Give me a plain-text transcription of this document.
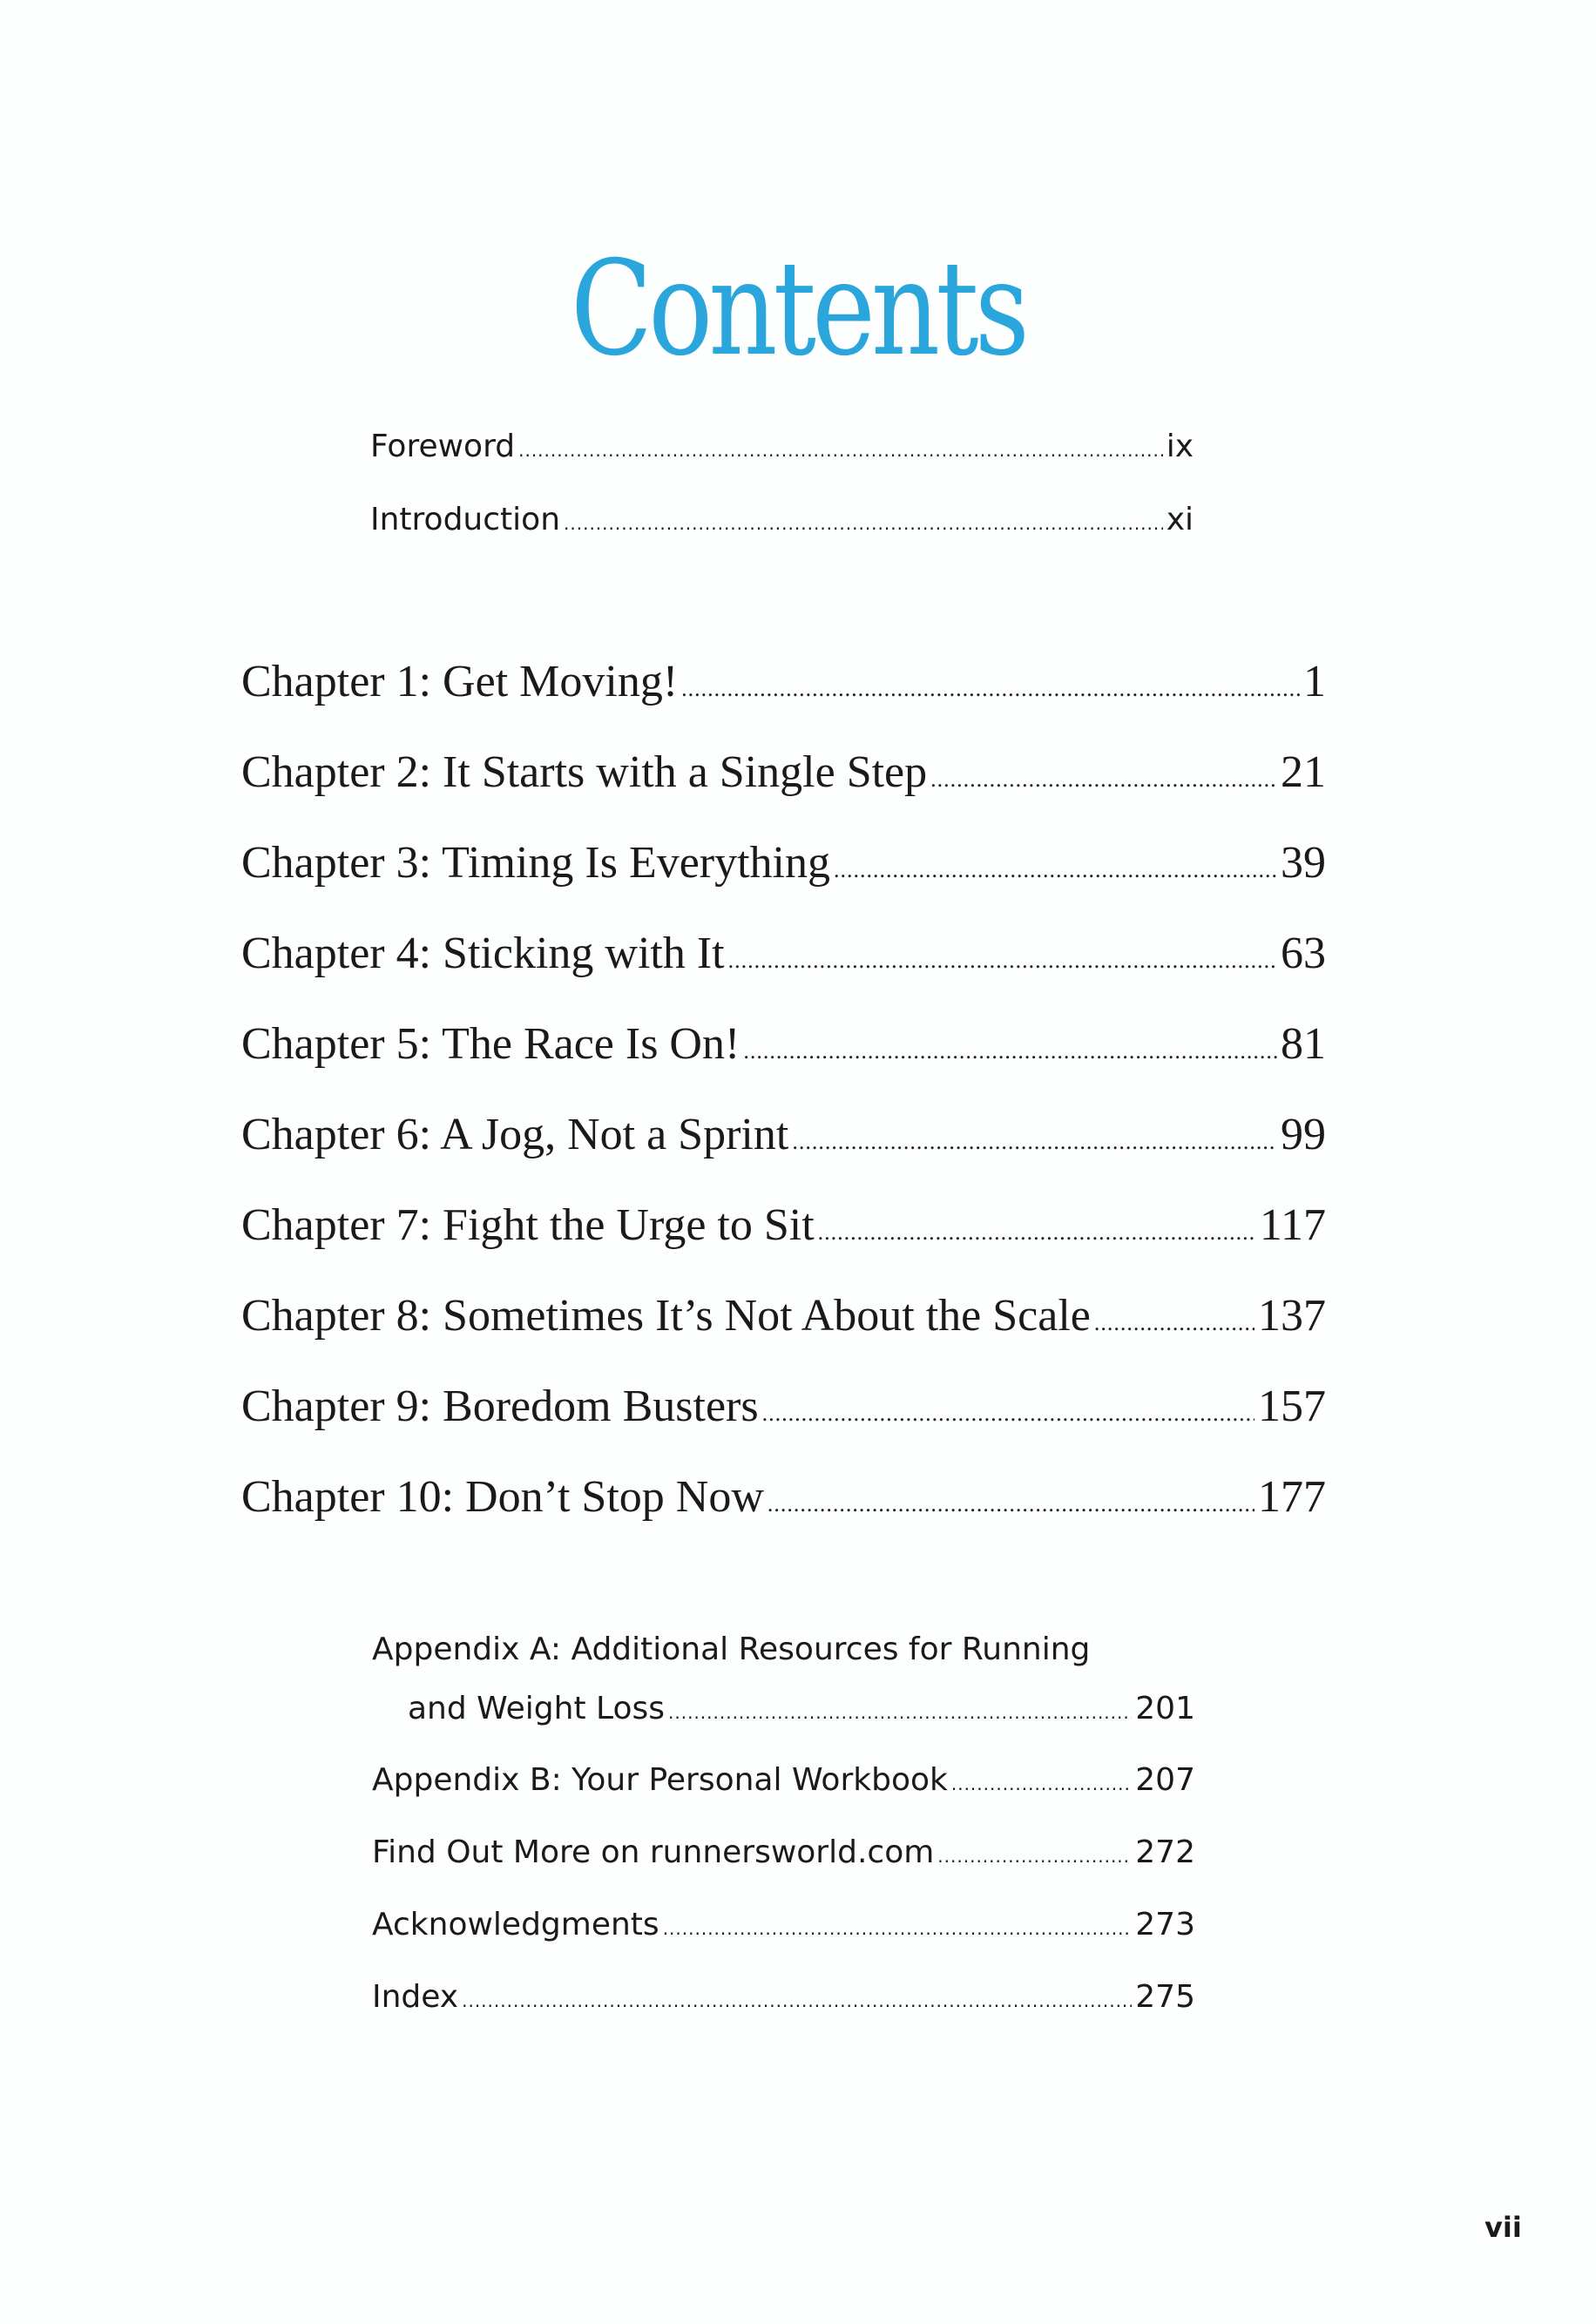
Contents
Foreword .....	ix
Introduction .....	xi
Chapter 1: Get Moving! .....	1
Chapter 2: It Starts with a Single Step .....	21
Chapter 3: Timing Is Everything .....	39
Chapter 4: Sticking with It .....	63
Chapter 5: The Race Is On! .....	81
Chapter 6: A Jog, Not a Sprint .....	99
Chapter 7: Fight the Urge to Sit .....	117
Chapter 8: Sometimes It’s Not About the Scale .....	137
Chapter 9: Boredom Busters .....	157
Chapter 10: Don’t Stop Now .....	177
Appendix A: Additional Resources for Running
and Weight Loss .....	201
Appendix B: Your Personal Workbook .....	207
Find Out More on runnersworld.com .....	272
Acknowledgments .....	273
Index .....	275
vii
